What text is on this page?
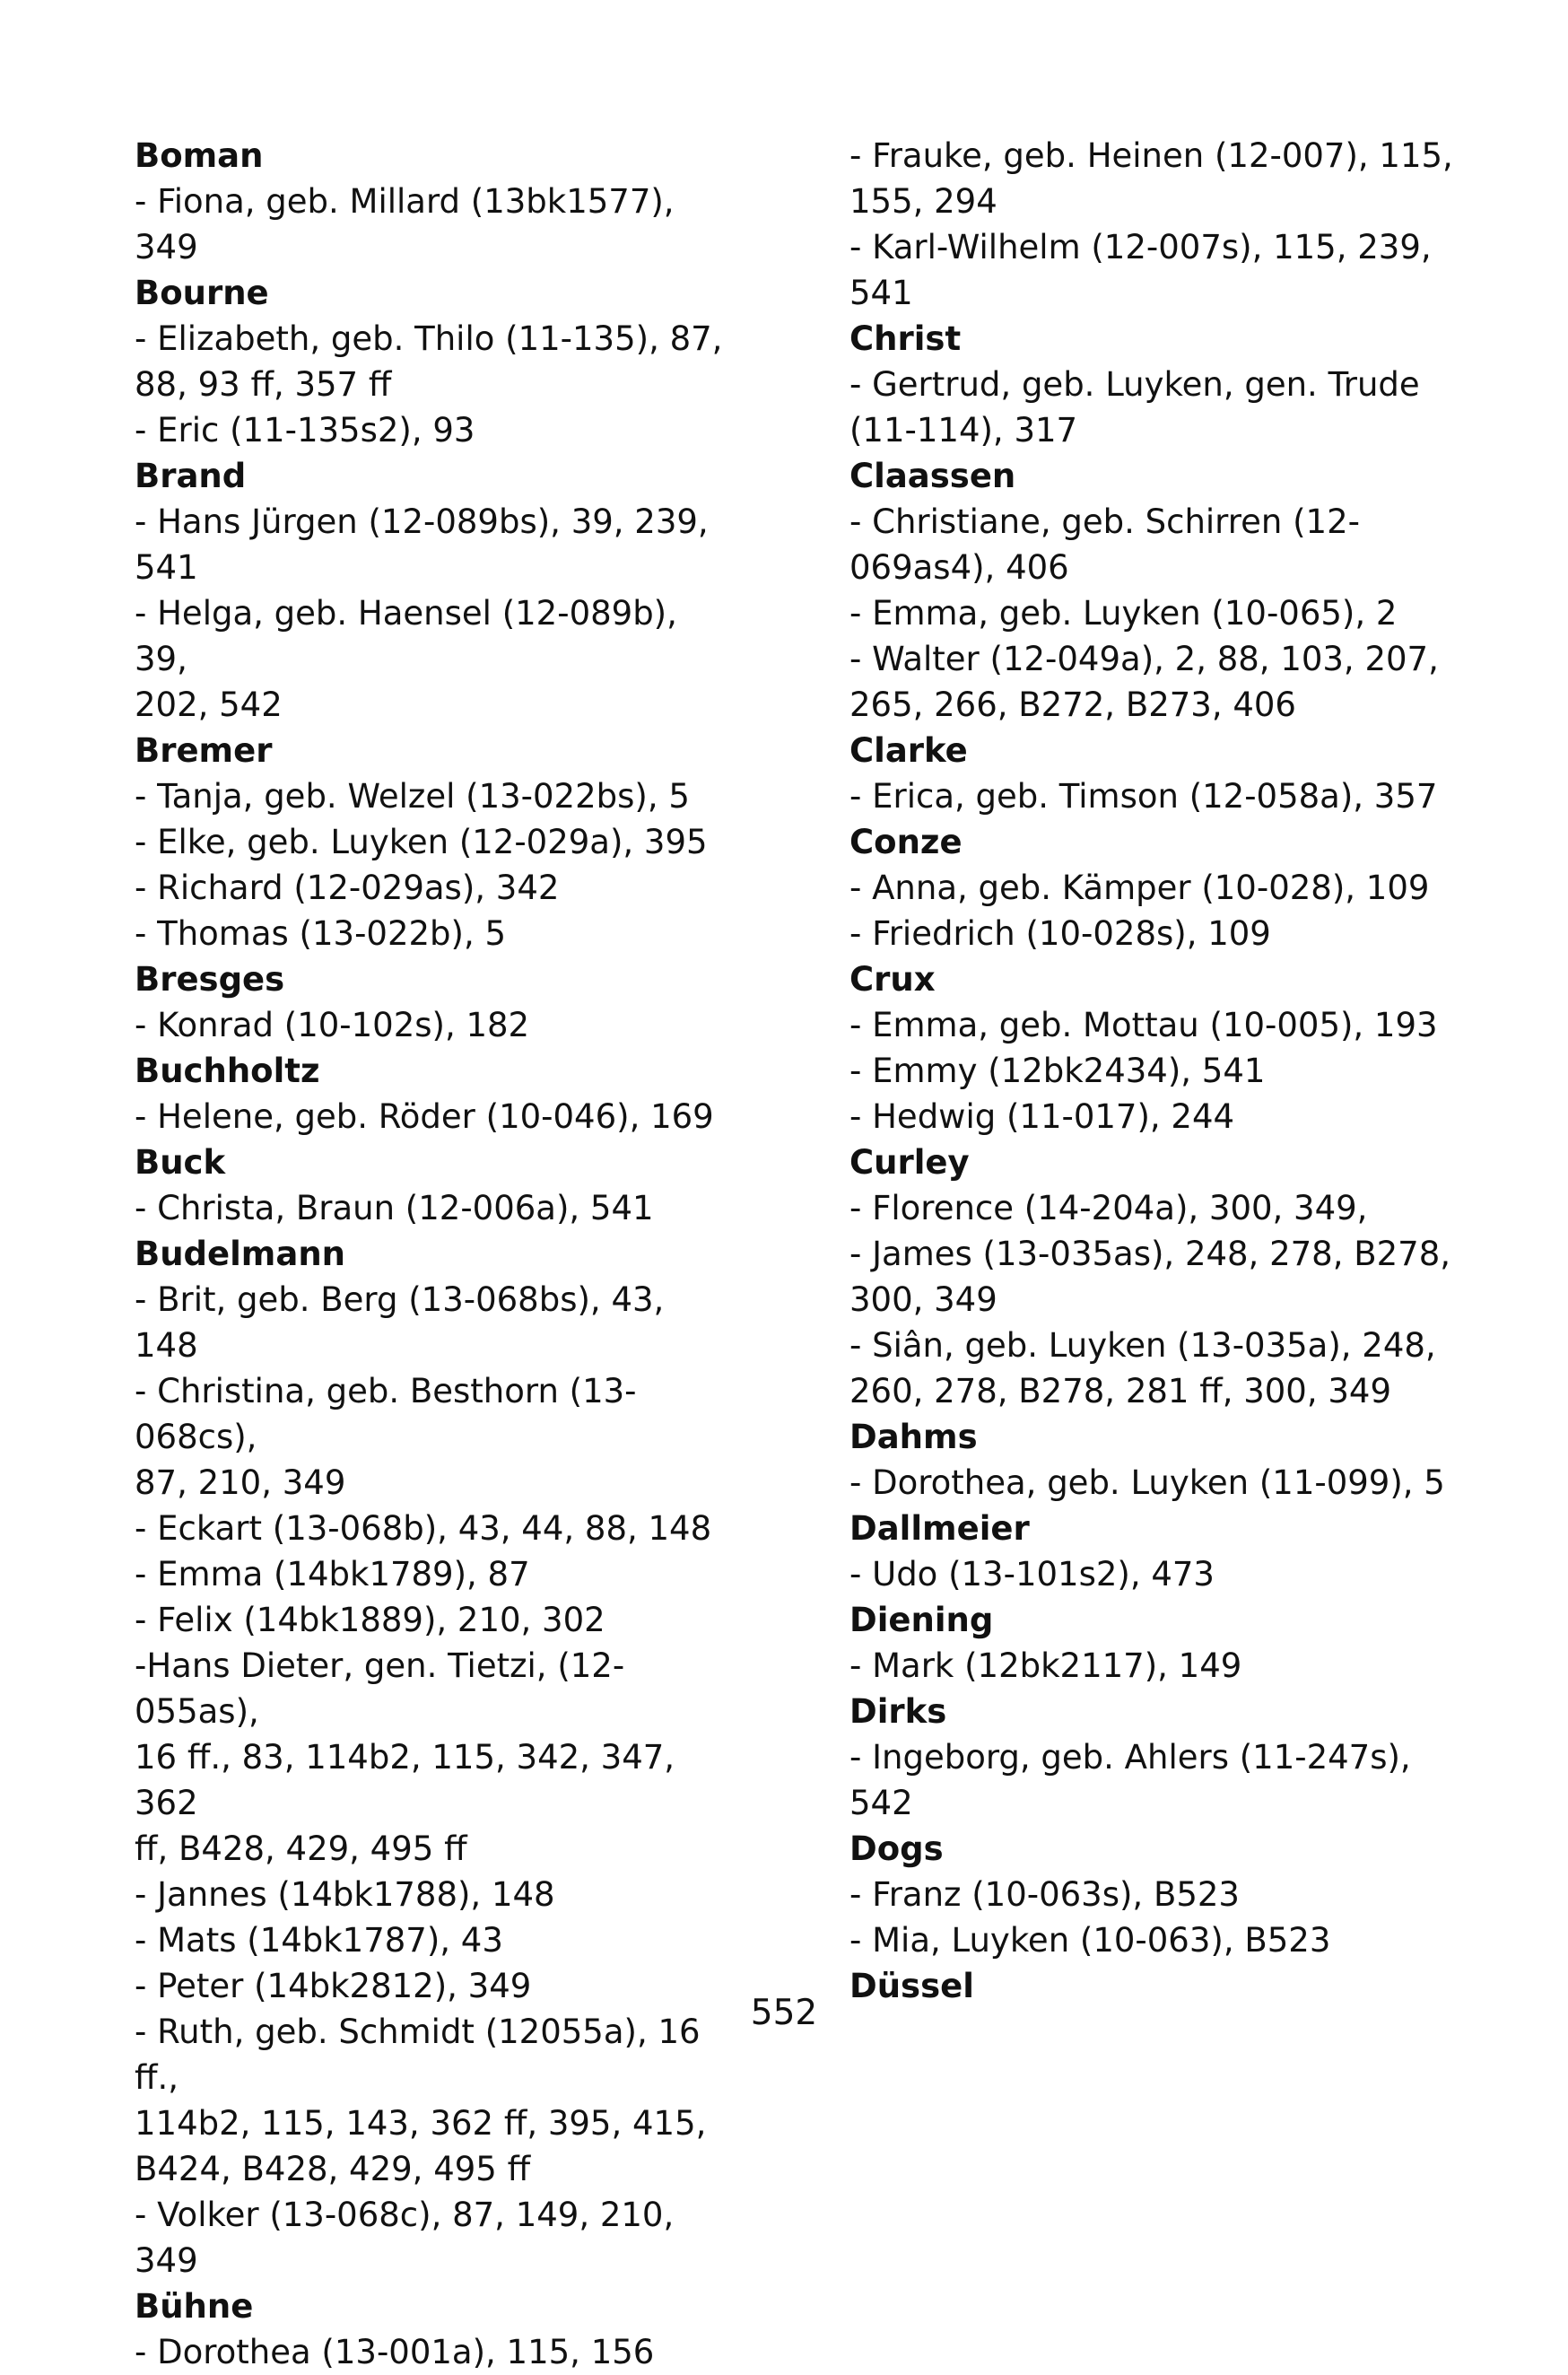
Boman
- Fiona, geb. Millard (13bk1577), 349
Bourne
- Elizabeth, geb. Thilo (11-135), 87,
88, 93 ff, 357 ff
- Eric (11-135s2), 93
Brand
- Hans Jürgen (12-089bs), 39, 239, 541
- Helga, geb. Haensel (12-089b), 39,
202, 542
Bremer
- Tanja, geb. Welzel (13-022bs), 5
- Elke, geb. Luyken (12-029a), 395
- Richard (12-029as), 342
- Thomas (13-022b), 5
Bresges
- Konrad (10-102s), 182
Buchholtz
- Helene, geb. Röder (10-046), 169
Buck
- Christa, Braun (12-006a), 541
Budelmann
- Brit, geb. Berg (13-068bs), 43, 148
- Christina, geb. Besthorn (13-068cs),
87, 210, 349
- Eckart (13-068b), 43, 44, 88, 148
- Emma (14bk1789), 87
- Felix (14bk1889), 210, 302
-Hans Dieter, gen. Tietzi, (12-055as),
16 ff., 83, 114b2, 115, 342, 347, 362
ff, B428, 429, 495 ff
- Jannes (14bk1788), 148
- Mats (14bk1787), 43
- Peter (14bk2812), 349
- Ruth, geb. Schmidt (12055a), 16 ff.,
114b2, 115, 143, 362 ff, 395, 415,
B424, B428, 429, 495 ff
- Volker (13-068c), 87, 149, 210, 349
Bühne
- Dorothea (13-001a), 115, 156
- Frauke, geb. Heinen (12-007), 115,
155, 294
- Karl-Wilhelm (12-007s), 115, 239,
541
Christ
- Gertrud, geb. Luyken, gen. Trude
(11-114), 317
Claassen
- Christiane, geb. Schirren (12-
069as4), 406
- Emma, geb. Luyken (10-065), 2
- Walter (12-049a), 2, 88, 103, 207,
265, 266, B272, B273, 406
Clarke
- Erica, geb. Timson (12-058a), 357
Conze
- Anna, geb. Kämper (10-028), 109
- Friedrich (10-028s), 109
Crux
- Emma, geb. Mottau (10-005), 193
- Emmy (12bk2434), 541
- Hedwig (11-017), 244
Curley
- Florence (14-204a), 300, 349,
- James (13-035as), 248, 278, B278,
300, 349
- Siân, geb. Luyken (13-035a), 248,
260, 278, B278, 281 ff, 300, 349
Dahms
- Dorothea, geb. Luyken (11-099), 5
Dallmeier
- Udo (13-101s2), 473
Diening
- Mark (12bk2117), 149
Dirks
- Ingeborg, geb. Ahlers (11-247s), 542
Dogs
- Franz (10-063s), B523
- Mia, Luyken (10-063), B523
Düssel
552
